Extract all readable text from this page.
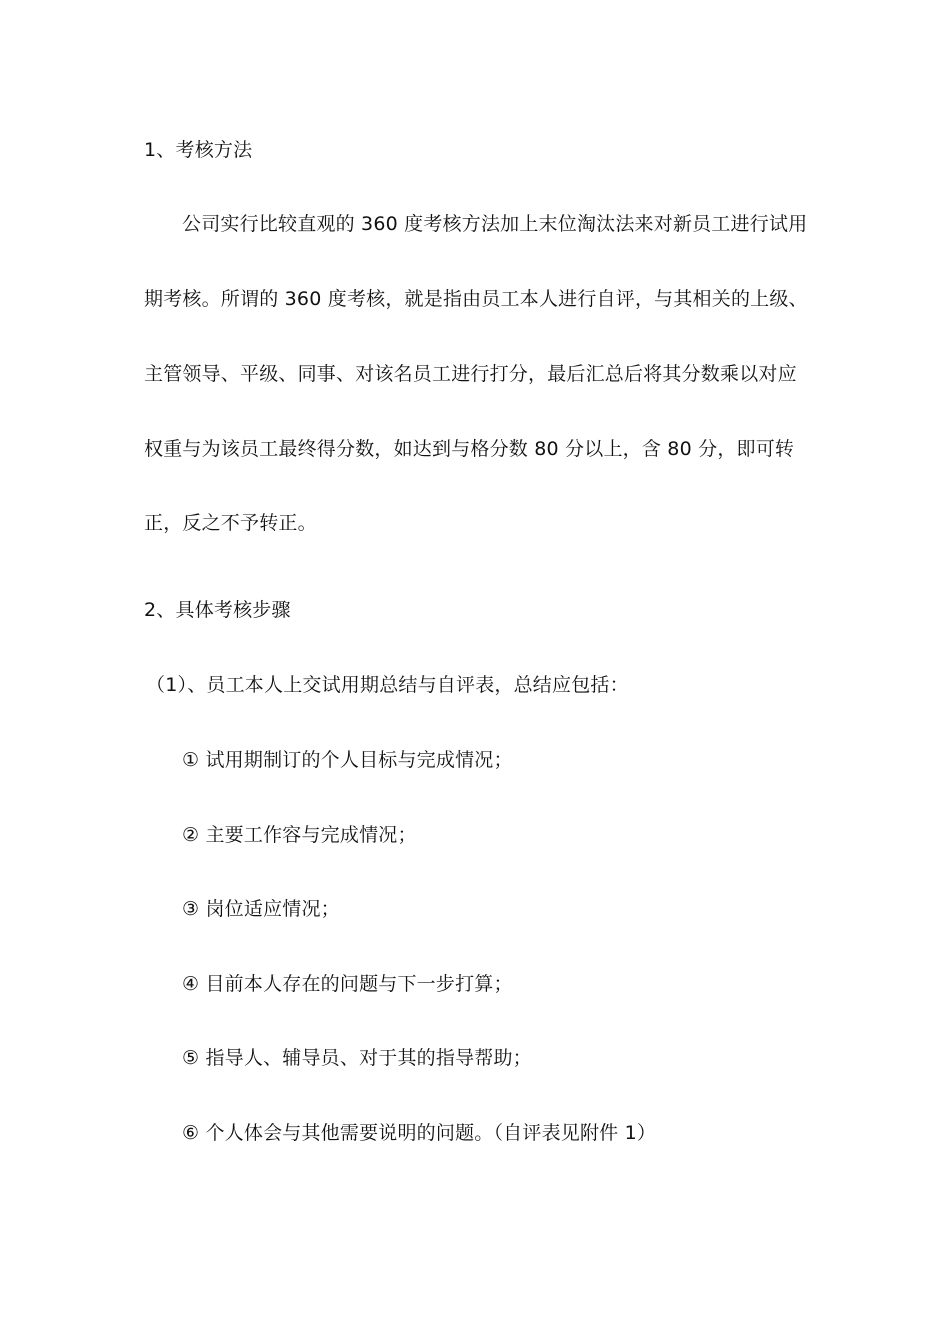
1、考核方法
公司实行比较直观的 360 度考核方法加上末位淘汰法来对新员工进行试用
期考核。所谓的 360 度考核，就是指由员工本人进行自评，与其相关的上级、
主管领导、平级、同事、对该名员工进行打分，最后汇总后将其分数乘以对应
权重与为该员工最终得分数，如达到与格分数 80 分以上，含 80 分，即可转
正，反之不予转正。
2、具体考核步骤
（1）、员工本人上交试用期总结与自评表，总结应包括：
① 试用期制订的个人目标与完成情况；
② 主要工作容与完成情况；
③ 岗位适应情况；
④ 目前本人存在的问题与下一步打算；
⑤ 指导人、辅导员、对于其的指导帮助；
⑥ 个人体会与其他需要说明的问题。（自评表见附件 1）
